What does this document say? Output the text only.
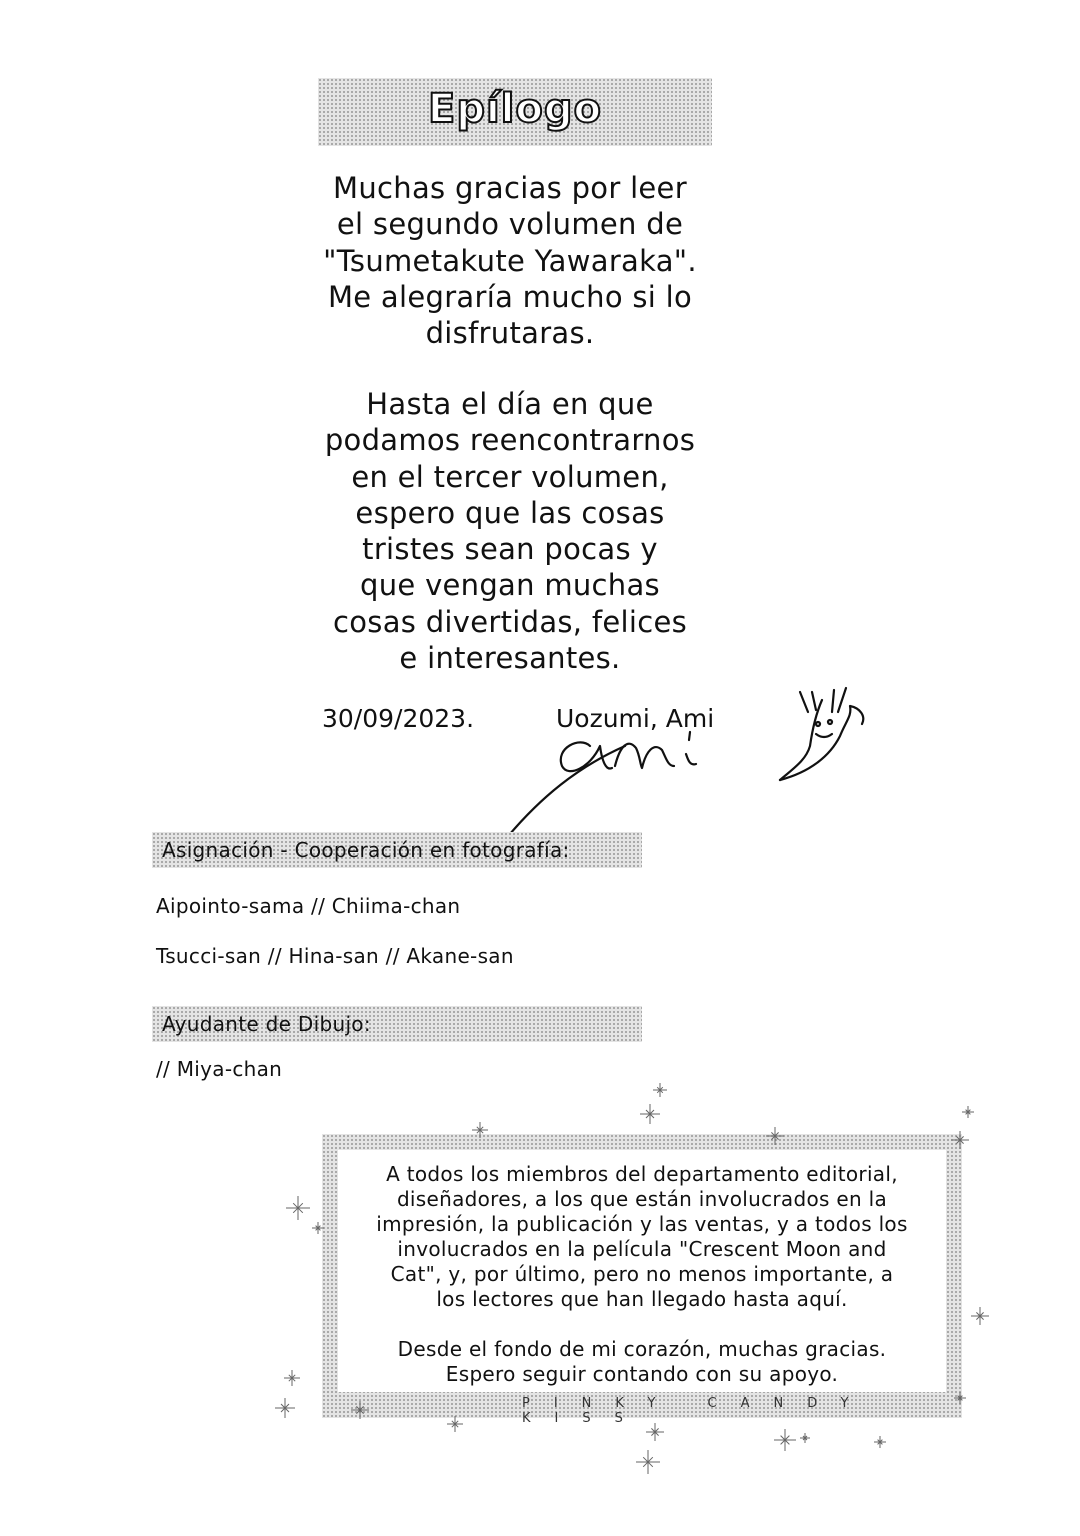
Epílogo
Muchas gracias por leer
el segundo volumen de
"Tsumetakute Yawaraka".
Me alegraría mucho si lo
disfrutaras.
Hasta el día en que
podamos reencontrarnos
en el tercer volumen,
espero que las cosas
tristes sean pocas y
que vengan muchas
cosas divertidas, felices
e interesantes.
30/09/2023.	Uozumi, Ami
Asignación - Cooperación en fotografía:
Aipointo-sama // Chiima-chan
Tsucci-san // Hina-san // Akane-san
Ayudante de Dibujo:
// Miya-chan
A todos los miembros del departamento editorial,
diseñadores, a los que están involucrados en la
impresión, la publicación y las ventas, y a todos los
involucrados en la película "Crescent Moon and
Cat", y, por último, pero no menos importante, a
los lectores que han llegado hasta aquí.
Desde el fondo de mi corazón, muchas gracias.
Espero seguir contando con su apoyo.
PINKY CANDY KISS
